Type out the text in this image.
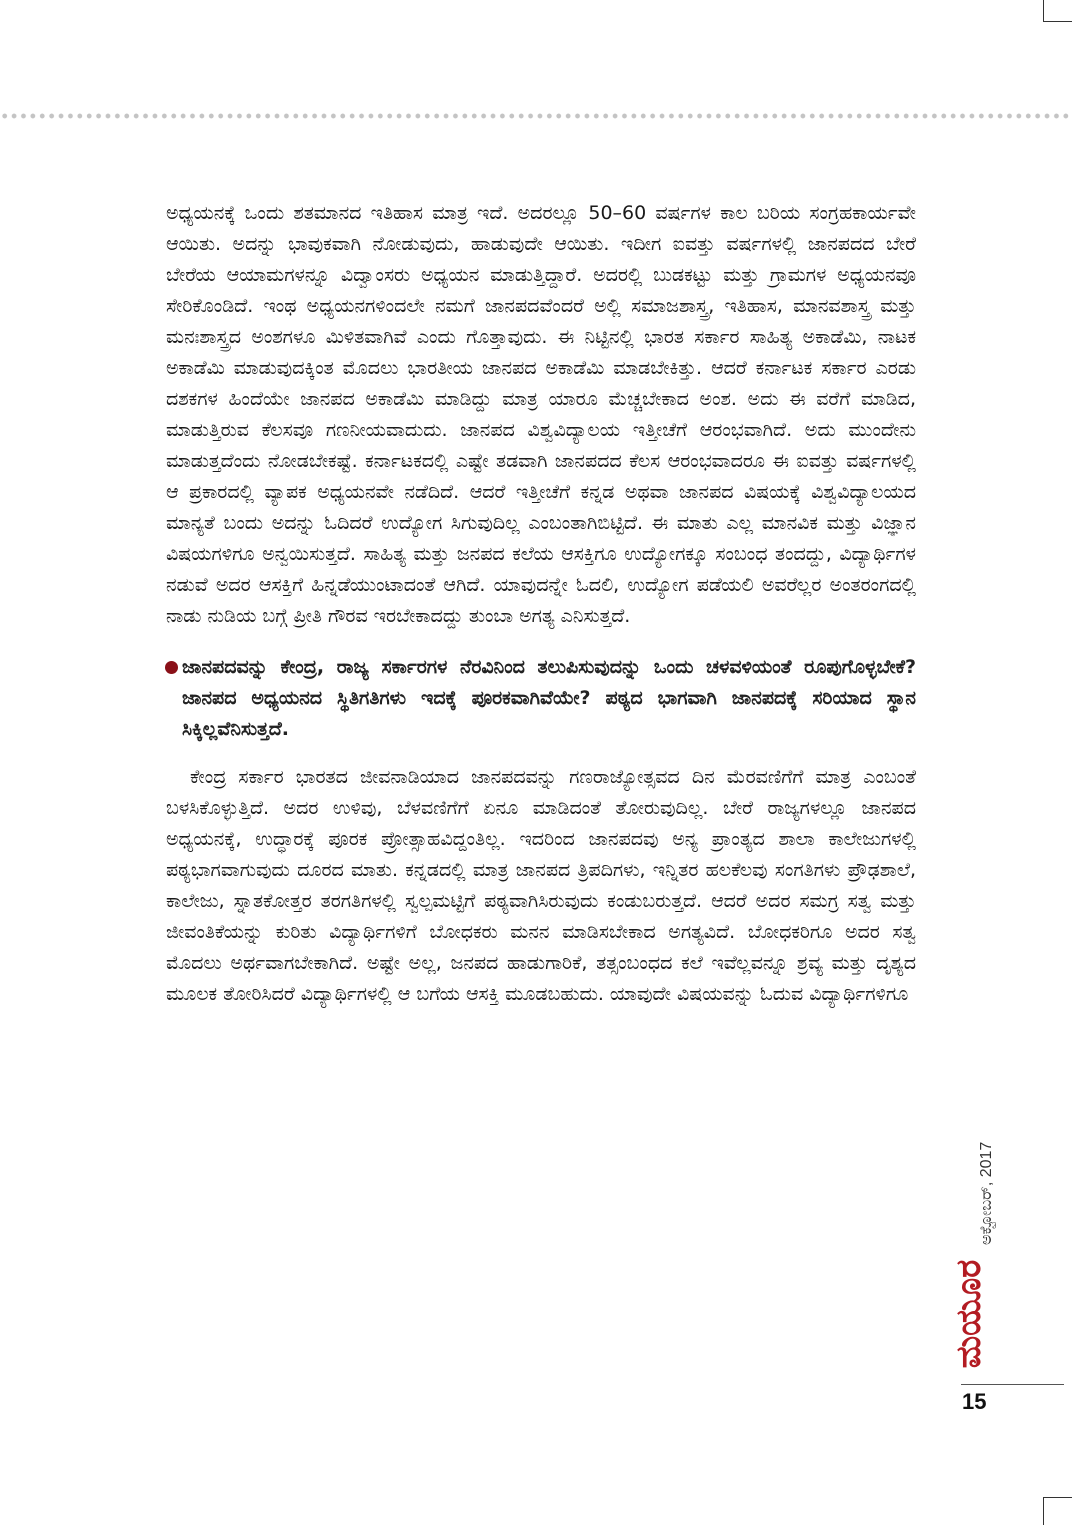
ಅಧ್ಯಯನಕ್ಕೆ ಒಂದು ಶತಮಾನದ ಇತಿಹಾಸ ಮಾತ್ರ ಇದೆ. ಅದರಲ್ಲೂ 50–60 ವರ್ಷಗಳ ಕಾಲ ಬರಿಯ ಸಂಗ್ರಹಕಾರ್ಯವೇ ಆಯಿತು. ಅದನ್ನು ಭಾವುಕವಾಗಿ ನೋಡುವುದು, ಹಾಡುವುದೇ ಆಯಿತು. ಇದೀಗ ಐವತ್ತು ವರ್ಷಗಳಲ್ಲಿ ಜಾನಪದದ ಬೇರೆ ಬೇರೆಯ ಆಯಾಮಗಳನ್ನೂ ವಿದ್ವಾಂಸರು ಅಧ್ಯಯನ ಮಾಡುತ್ತಿದ್ದಾರೆ. ಅದರಲ್ಲಿ ಬುಡಕಟ್ಟು ಮತ್ತು ಗ್ರಾಮಗಳ ಅಧ್ಯಯನವೂ ಸೇರಿಕೊಂಡಿದೆ. ಇಂಥ ಅಧ್ಯಯನಗಳಿಂದಲೇ ನಮಗೆ ಜಾನಪದವೆಂದರೆ ಅಲ್ಲಿ ಸಮಾಜಶಾಸ್ತ್ರ, ಇತಿಹಾಸ, ಮಾನವಶಾಸ್ತ್ರ ಮತ್ತು ಮನಃಶಾಸ್ತ್ರದ ಅಂಶಗಳೂ ಮಿಳಿತವಾಗಿವೆ ಎಂದು ಗೊತ್ತಾವುದು. ಈ ನಿಟ್ಟಿನಲ್ಲಿ ಭಾರತ ಸರ್ಕಾರ ಸಾಹಿತ್ಯ ಅಕಾಡೆಮಿ, ನಾಟಕ ಅಕಾಡೆಮಿ ಮಾಡುವುದಕ್ಕಿಂತ ಮೊದಲು ಭಾರತೀಯ ಜಾನಪದ ಅಕಾಡೆಮಿ ಮಾಡಬೇಕಿತ್ತು. ಆದರೆ ಕರ್ನಾಟಕ ಸರ್ಕಾರ ಎರಡು ದಶಕಗಳ ಹಿಂದೆಯೇ ಜಾನಪದ ಅಕಾಡೆಮಿ ಮಾಡಿದ್ದು ಮಾತ್ರ ಯಾರೂ ಮೆಚ್ಚಬೇಕಾದ ಅಂಶ. ಅದು ಈ ವರೆಗೆ ಮಾಡಿದ, ಮಾಡುತ್ತಿರುವ ಕೆಲಸವೂ ಗಣನೀಯವಾದುದು. ಜಾನಪದ ವಿಶ್ವವಿದ್ಯಾಲಯ ಇತ್ತೀಚೆಗೆ ಆರಂಭವಾಗಿದೆ. ಅದು ಮುಂದೇನು ಮಾಡುತ್ತದೆಂದು ನೋಡಬೇಕಷ್ಟೆ. ಕರ್ನಾಟಕದಲ್ಲಿ ಎಷ್ಟೇ ತಡವಾಗಿ ಜಾನಪದದ ಕೆಲಸ ಆರಂಭವಾದರೂ ಈ ಐವತ್ತು ವರ್ಷಗಳಲ್ಲಿ ಆ ಪ್ರಕಾರದಲ್ಲಿ ವ್ಯಾಪಕ ಅಧ್ಯಯನವೇ ನಡೆದಿದೆ. ಆದರೆ ಇತ್ತೀಚೆಗೆ ಕನ್ನಡ ಅಥವಾ ಜಾನಪದ ವಿಷಯಕ್ಕೆ ವಿಶ್ವವಿದ್ಯಾಲಯದ ಮಾನ್ಯತೆ ಬಂದು ಅದನ್ನು ಓದಿದರೆ ಉದ್ಯೋಗ ಸಿಗುವುದಿಲ್ಲ ಎಂಬಂತಾಗಿಬಿಟ್ಟಿದೆ. ಈ ಮಾತು ಎಲ್ಲ ಮಾನವಿಕ ಮತ್ತು ವಿಜ್ಞಾನ ವಿಷಯಗಳಿಗೂ ಅನ್ವಯಿಸುತ್ತದೆ. ಸಾಹಿತ್ಯ ಮತ್ತು ಜನಪದ ಕಲೆಯ ಆಸಕ್ತಿಗೂ ಉದ್ಯೋಗಕ್ಕೂ ಸಂಬಂಧ ತಂದದ್ದು, ವಿದ್ಯಾರ್ಥಿಗಳ ನಡುವೆ ಅದರ ಆಸಕ್ತಿಗೆ ಹಿನ್ನಡೆಯುಂಟಾದಂತೆ ಆಗಿದೆ. ಯಾವುದನ್ನೇ ಓದಲಿ, ಉದ್ಯೋಗ ಪಡೆಯಲಿ ಅವರೆಲ್ಲರ ಅಂತರಂಗದಲ್ಲಿ ನಾಡು ನುಡಿಯ ಬಗ್ಗೆ ಪ್ರೀತಿ ಗೌರವ ಇರಬೇಕಾದದ್ದು ತುಂಬಾ ಅಗತ್ಯ ಎನಿಸುತ್ತದೆ.

ಜಾನಪದವನ್ನು ಕೇಂದ್ರ, ರಾಜ್ಯ ಸರ್ಕಾರಗಳ ನೆರವಿನಿಂದ ತಲುಪಿಸುವುದನ್ನು ಒಂದು ಚಳವಳಿಯಂತೆ ರೂಪುಗೊಳ್ಳಬೇಕೆ? ಜಾನಪದ ಅಧ್ಯಯನದ ಸ್ಥಿತಿಗತಿಗಳು ಇದಕ್ಕೆ ಪೂರಕವಾಗಿವೆಯೇ? ಪಠ್ಯದ ಭಾಗವಾಗಿ ಜಾನಪದಕ್ಕೆ ಸರಿಯಾದ ಸ್ಥಾನ ಸಿಕ್ಕಿಲ್ಲವೆನಿಸುತ್ತದೆ.

ಕೇಂದ್ರ ಸರ್ಕಾರ ಭಾರತದ ಜೀವನಾಡಿಯಾದ ಜಾನಪದವನ್ನು ಗಣರಾಜ್ಯೋತ್ಸವದ ದಿನ ಮೆರವಣಿಗೆಗೆ ಮಾತ್ರ ಎಂಬಂತೆ ಬಳಸಿಕೊಳ್ಳುತ್ತಿದೆ. ಅದರ ಉಳಿವು, ಬೆಳವಣಿಗೆಗೆ ಏನೂ ಮಾಡಿದಂತೆ ತೋರುವುದಿಲ್ಲ. ಬೇರೆ ರಾಜ್ಯಗಳಲ್ಲೂ ಜಾನಪದ ಅಧ್ಯಯನಕ್ಕೆ, ಉದ್ಧಾರಕ್ಕೆ ಪೂರಕ ಪ್ರೋತ್ಸಾಹವಿದ್ದಂತಿಲ್ಲ. ಇದರಿಂದ ಜಾನಪದವು ಅನ್ಯ ಪ್ರಾಂತ್ಯದ ಶಾಲಾ ಕಾಲೇಜುಗಳಲ್ಲಿ ಪಠ್ಯಭಾಗವಾಗುವುದು ದೂರದ ಮಾತು. ಕನ್ನಡದಲ್ಲಿ ಮಾತ್ರ ಜಾನಪದ ತ್ರಿಪದಿಗಳು, ಇನ್ನಿತರ ಹಲಕೆಲವು ಸಂಗತಿಗಳು ಪ್ರೌಢಶಾಲೆ, ಕಾಲೇಜು, ಸ್ನಾತಕೋತ್ತರ ತರಗತಿಗಳಲ್ಲಿ ಸ್ವಲ್ಪಮಟ್ಟಿಗೆ ಪಠ್ಯವಾಗಿಸಿರುವುದು ಕಂಡುಬರುತ್ತದೆ. ಆದರೆ ಅದರ ಸಮಗ್ರ ಸತ್ವ ಮತ್ತು ಜೀವಂತಿಕೆಯನ್ನು ಕುರಿತು ವಿದ್ಯಾರ್ಥಿಗಳಿಗೆ ಬೋಧಕರು ಮನನ ಮಾಡಿಸಬೇಕಾದ ಅಗತ್ಯವಿದೆ. ಬೋಧಕರಿಗೂ ಅದರ ಸತ್ವ ಮೊದಲು ಅರ್ಥವಾಗಬೇಕಾಗಿದೆ. ಅಷ್ಟೇ ಅಲ್ಲ, ಜನಪದ ಹಾಡುಗಾರಿಕೆ, ತತ್ಸಂಬಂಧದ ಕಲೆ ಇವೆಲ್ಲವನ್ನೂ ಶ್ರವ್ಯ ಮತ್ತು ದೃಶ್ಯದ ಮೂಲಕ ತೋರಿಸಿದರೆ ವಿದ್ಯಾರ್ಥಿಗಳಲ್ಲಿ ಆ ಬಗೆಯ ಆಸಕ್ತಿ ಮೂಡಬಹುದು. ಯಾವುದೇ ವಿಷಯವನ್ನು ಓದುವ ವಿದ್ಯಾರ್ಥಿಗಳಿಗೂ

ಅಕ್ಟೋಬರ್, 2017
ಮಯೂರ
15
